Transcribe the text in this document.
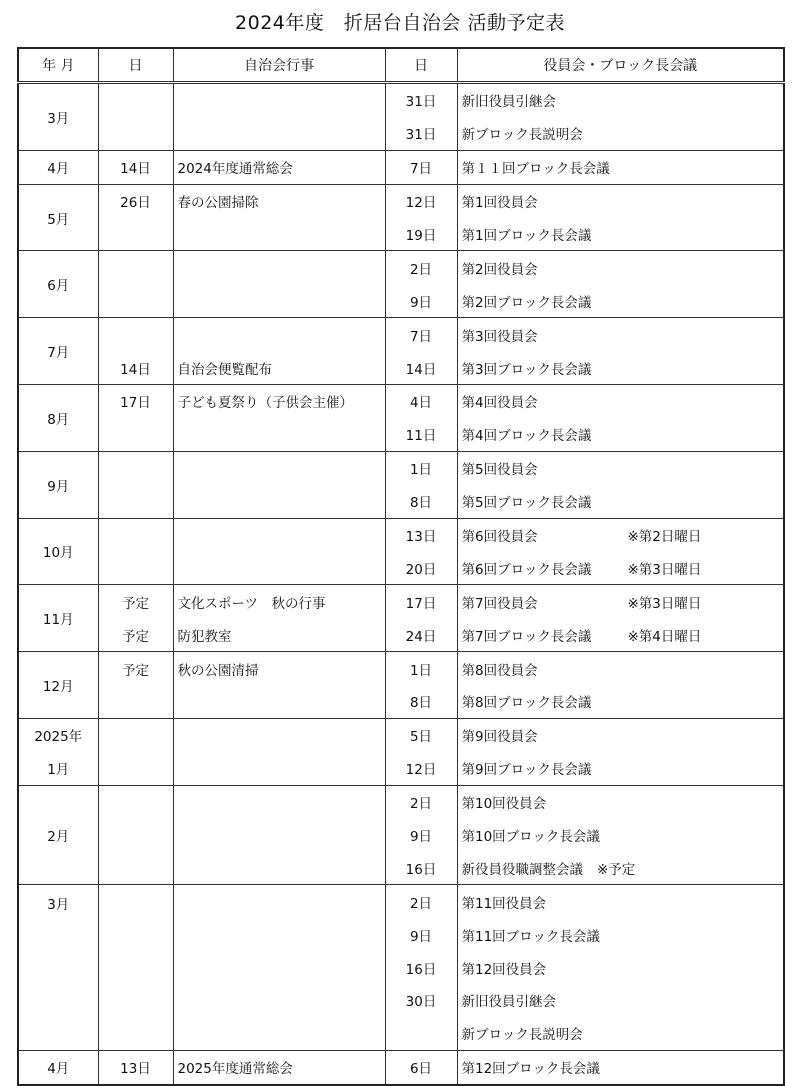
2024年度　折居台自治会 活動予定表
年 月	日	自治会行事	日	役員会・ブロック長会議
3月			31日	新旧役員引継会
			31日	新ブロック長説明会
4月	14日	2024年度通常総会	7日	第１１回ブロック長会議
5月	26日	春の公園掃除	12日	第1回役員会
			19日	第1回ブロック長会議
6月			2日	第2回役員会
			9日	第2回ブロック長会議
7月			7日	第3回役員会
	14日	自治会便覧配布	14日	第3回ブロック長会議
8月	17日	子ども夏祭り（子供会主催）	4日	第4回役員会
			11日	第4回ブロック長会議
9月			1日	第5回役員会
			8日	第5回ブロック長会議
10月			13日	第6回役員会 ※第2日曜日

			20日	第6回ブロック長会議 ※第3日曜日

11月	予定	文化スポーツ　秋の行事	17日	第7回役員会 ※第3日曜日

	予定	防犯教室	24日	第7回ブロック長会議 ※第4日曜日

12月	予定	秋の公園清掃	1日	第8回役員会
			8日	第8回ブロック長会議
2025年			5日	第9回役員会
1月			12日	第9回ブロック長会議
2月			2日	第10回役員会
			9日	第10回ブロック長会議
			16日	新役員役職調整会議 ※予定
3月			2日	第11回役員会
			9日	第11回ブロック長会議
			16日	第12回役員会
			30日	新旧役員引継会
				新ブロック長説明会
4月	13日	2025年度通常総会	6日	第12回ブロック長会議
